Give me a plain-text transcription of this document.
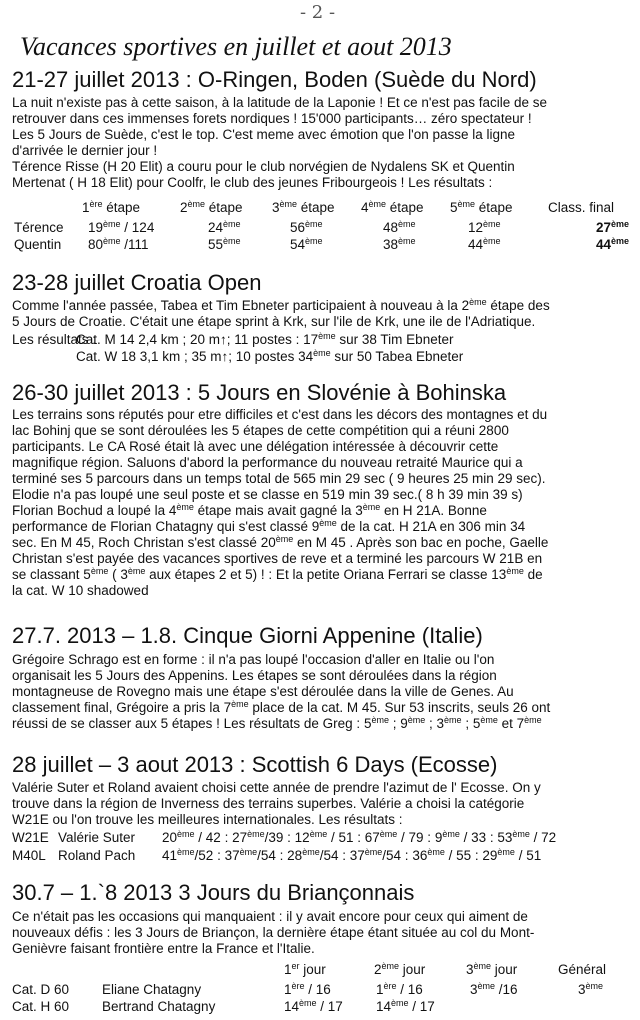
- 2 -
Vacances sportives en juillet et aout 2013
21-27 juillet 2013 : O-Ringen, Boden (Suède du Nord)
La nuit n'existe pas à cette saison, à la latitude de la Laponie ! Et ce n'est pas facile de se
retrouver dans ces immenses forets nordiques ! 15'000 participants… zéro spectateur !
Les 5 Jours de Suède, c'est le top. C'est meme avec émotion que l'on passe la ligne
d'arrivée le dernier jour !
Térence Risse (H 20 Elit) a couru pour le club norvégien de Nydalens SK et Quentin
Mertenat ( H 18 Elit) pour Coolfr, le club des jeunes Fribourgeois ! Les résultats :
1ère étape	2ème étape 3ème étape 4ème étape 5ème étape	Class. final
Térence 19ème / 124	24ème	56ème	48ème	12ème	27ème
Quentin 80ème /111	55ème	54ème	38ème	44ème	44ème
23-28 juillet Croatia Open
Comme l'année passée, Tabea et Tim Ebneter participaient à nouveau à la 2ème étape des
5 Jours de Croatie. C'était une étape sprint à Krk, sur l'ile de Krk, une ile de l'Adriatique.
Les résultats :
Cat. M 14 2,4 km ; 20 m↑; 11 postes : 17ème sur 38 Tim Ebneter
Cat. W 18 3,1 km ; 35 m↑; 10 postes 34ème sur 50 Tabea Ebneter
26-30 juillet 2013 : 5 Jours en Slovénie à Bohinska
Les terrains sons réputés pour etre difficiles et c'est dans les décors des montagnes et du
lac Bohinj que se sont déroulées les 5 étapes de cette compétition qui a réuni 2800
participants. Le CA Rosé était là avec une délégation intéressée à découvrir cette
magnifique région. Saluons d'abord la performance du nouveau retraité Maurice qui a
terminé ses 5 parcours dans un temps total de 565 min 29 sec ( 9 heures 25 min 29 sec).
Elodie n'a pas loupé une seul poste et se classe en 519 min 39 sec.( 8 h 39 min 39 s)
Florian Bochud a loupé la 4ème étape mais avait gagné la 3ème en H 21A. Bonne
performance de Florian Chatagny qui s'est classé 9ème de la cat. H 21A en 306 min 34
sec. En M 45, Roch Christan s'est classé 20ème en M 45 . Après son bac en poche, Gaelle
Christan s'est payée des vacances sportives de reve et a terminé les parcours W 21B en
se classant 5ème ( 3ème aux étapes 2 et 5) ! : Et la petite Oriana Ferrari se classe 13ème de
la cat. W 10 shadowed
27.7. 2013 – 1.8. Cinque Giorni Appenine (Italie)
Grégoire Schrago est en forme : il n'a pas loupé l'occasion d'aller en Italie ou l'on
organisait les 5 Jours des Appenins. Les étapes se sont déroulées dans la région
montagneuse de Rovegno mais une étape s'est déroulée dans la ville de Genes. Au
classement final, Grégoire a pris la 7ème place de la cat. M 45. Sur 53 inscrits, seuls 26 ont
réussi de se classer aux 5 étapes ! Les résultats de Greg : 5ème ; 9ème ; 3ème ; 5ème et 7ème
28 juillet – 3 aout 2013 : Scottish 6 Days (Ecosse)
Valérie Suter et Roland avaient choisi cette année de prendre l'azimut de l' Ecosse. On y
trouve dans la région de Inverness des terrains superbes. Valérie a choisi la catégorie
W21E ou l'on trouve les meilleures internationales. Les résultats :
W21E Valérie Suter 20ème / 42 : 27ème/39 : 12ème / 51 : 67ème / 79 : 9ème / 33 : 53ème / 72
M40L Roland Pach 41ème/52 : 37ème/54 : 28ème/54 : 37ème/54 : 36ème / 55 : 29ème / 51
30.7 – 1.`8 2013 3 Jours du Briançonnais
Ce n'était pas les occasions qui manquaient : il y avait encore pour ceux qui aiment de
nouveaux défis : les 3 Jours de Briançon, la dernière étape étant située au col du Mont-
Genièvre faisant frontière entre la France et l'Italie.
1er jour	2ème jour	3ème jour	Général
Cat. D 60 Eliane Chatagny	1ère / 16	1ère / 16	3ème /16	3ème
Cat. H 60 Bertrand Chatagny	14ème / 17 14ème / 17
